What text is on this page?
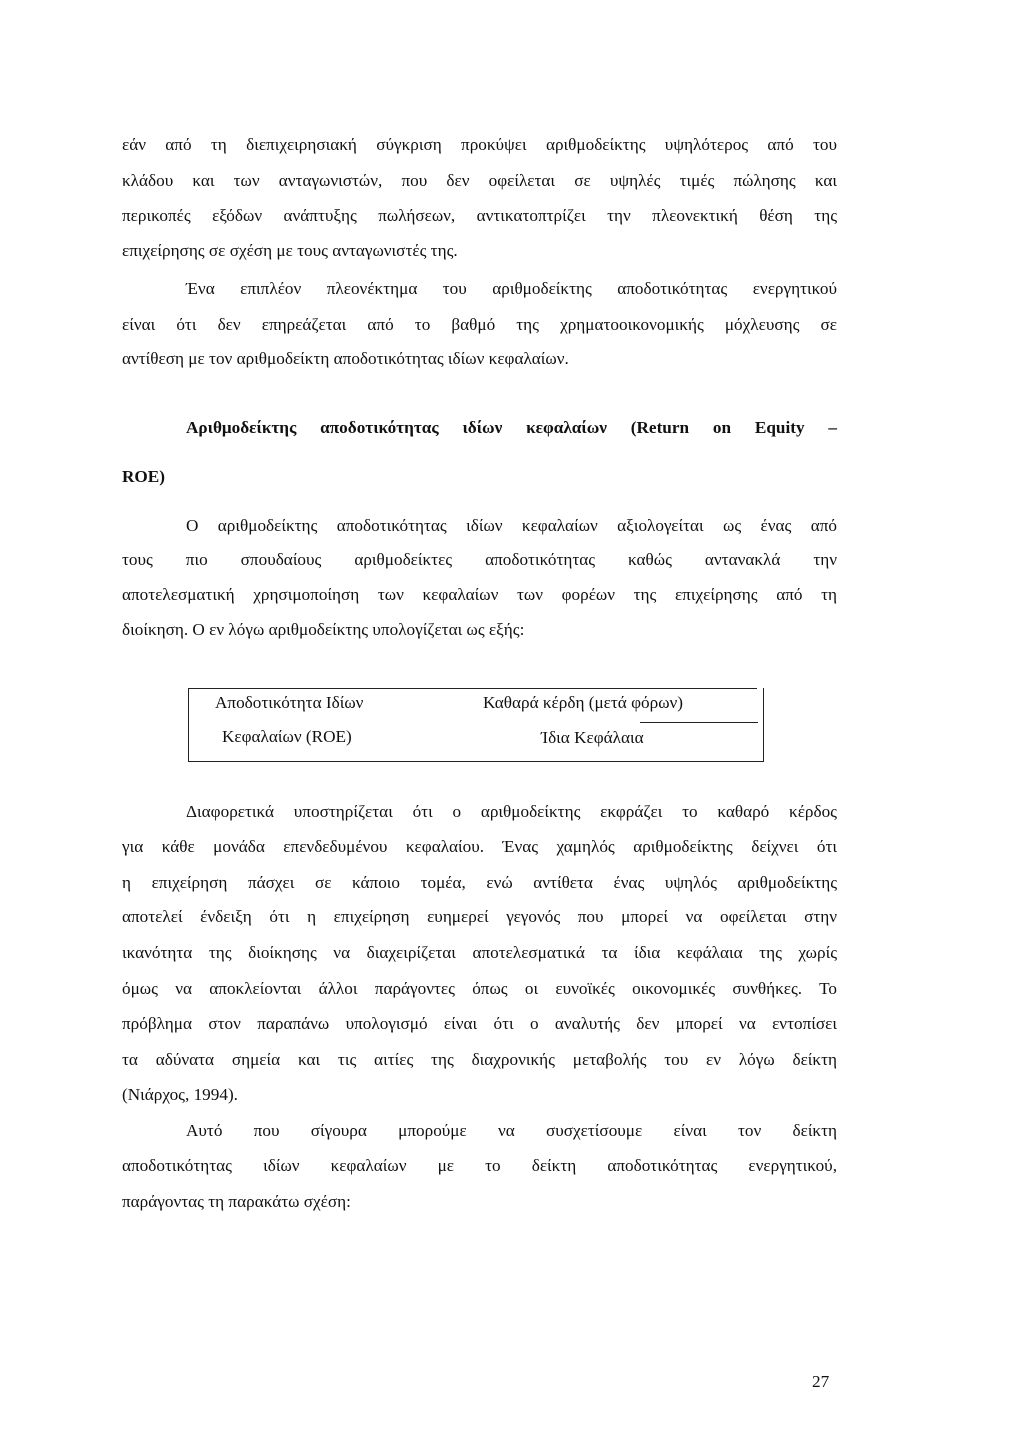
εάν από τη διεπιχειρησιακή σύγκριση προκύψει αριθμοδείκτης υψηλότερος από του
κλάδου και των ανταγωνιστών, που δεν οφείλεται σε υψηλές τιμές πώλησης και
περικοπές εξόδων ανάπτυξης πωλήσεων, αντικατοπτρίζει την πλεονεκτική θέση της
επιχείρησης σε σχέση με τους ανταγωνιστές της.
Ένα επιπλέον πλεονέκτημα του αριθμοδείκτης αποδοτικότητας ενεργητικού
είναι ότι δεν επηρεάζεται από το βαθμό της χρηματοοικονομικής μόχλευσης σε
αντίθεση με τον αριθμοδείκτη αποδοτικότητας ιδίων κεφαλαίων.
Αριθμοδείκτης αποδοτικότητας ιδίων κεφαλαίων (Return on Equity –
ROE)
Ο αριθμοδείκτης αποδοτικότητας ιδίων κεφαλαίων αξιολογείται ως ένας από
τους πιο σπουδαίους αριθμοδείκτες αποδοτικότητας καθώς αντανακλά την
αποτελεσματική χρησιμοποίηση των κεφαλαίων των φορέων της επιχείρησης από τη
διοίκηση. Ο εν λόγω αριθμοδείκτης υπολογίζεται ως εξής:
Αποδοτικότητα Ιδίων
Κεφαλαίων (ROE)
Καθαρά κέρδη (μετά φόρων)
Ίδια Κεφάλαια
Διαφορετικά υποστηρίζεται ότι ο αριθμοδείκτης εκφράζει το καθαρό κέρδος
για κάθε μονάδα επενδεδυμένου κεφαλαίου. Ένας χαμηλός αριθμοδείκτης δείχνει ότι
η επιχείρηση πάσχει σε κάποιο τομέα, ενώ αντίθετα ένας υψηλός αριθμοδείκτης
αποτελεί ένδειξη ότι η επιχείρηση ευημερεί γεγονός που μπορεί να οφείλεται στην
ικανότητα της διοίκησης να διαχειρίζεται αποτελεσματικά τα ίδια κεφάλαια της χωρίς
όμως να αποκλείονται άλλοι παράγοντες όπως οι ευνοϊκές οικονομικές συνθήκες. Το
πρόβλημα στον παραπάνω υπολογισμό είναι ότι ο αναλυτής δεν μπορεί να εντοπίσει
τα αδύνατα σημεία και τις αιτίες της διαχρονικής μεταβολής του εν λόγω δείκτη
(Νιάρχος, 1994).
Αυτό που σίγουρα μπορούμε να συσχετίσουμε είναι τον δείκτη
αποδοτικότητας ιδίων κεφαλαίων με το δείκτη αποδοτικότητας ενεργητικού,
παράγοντας τη παρακάτω σχέση:
27
